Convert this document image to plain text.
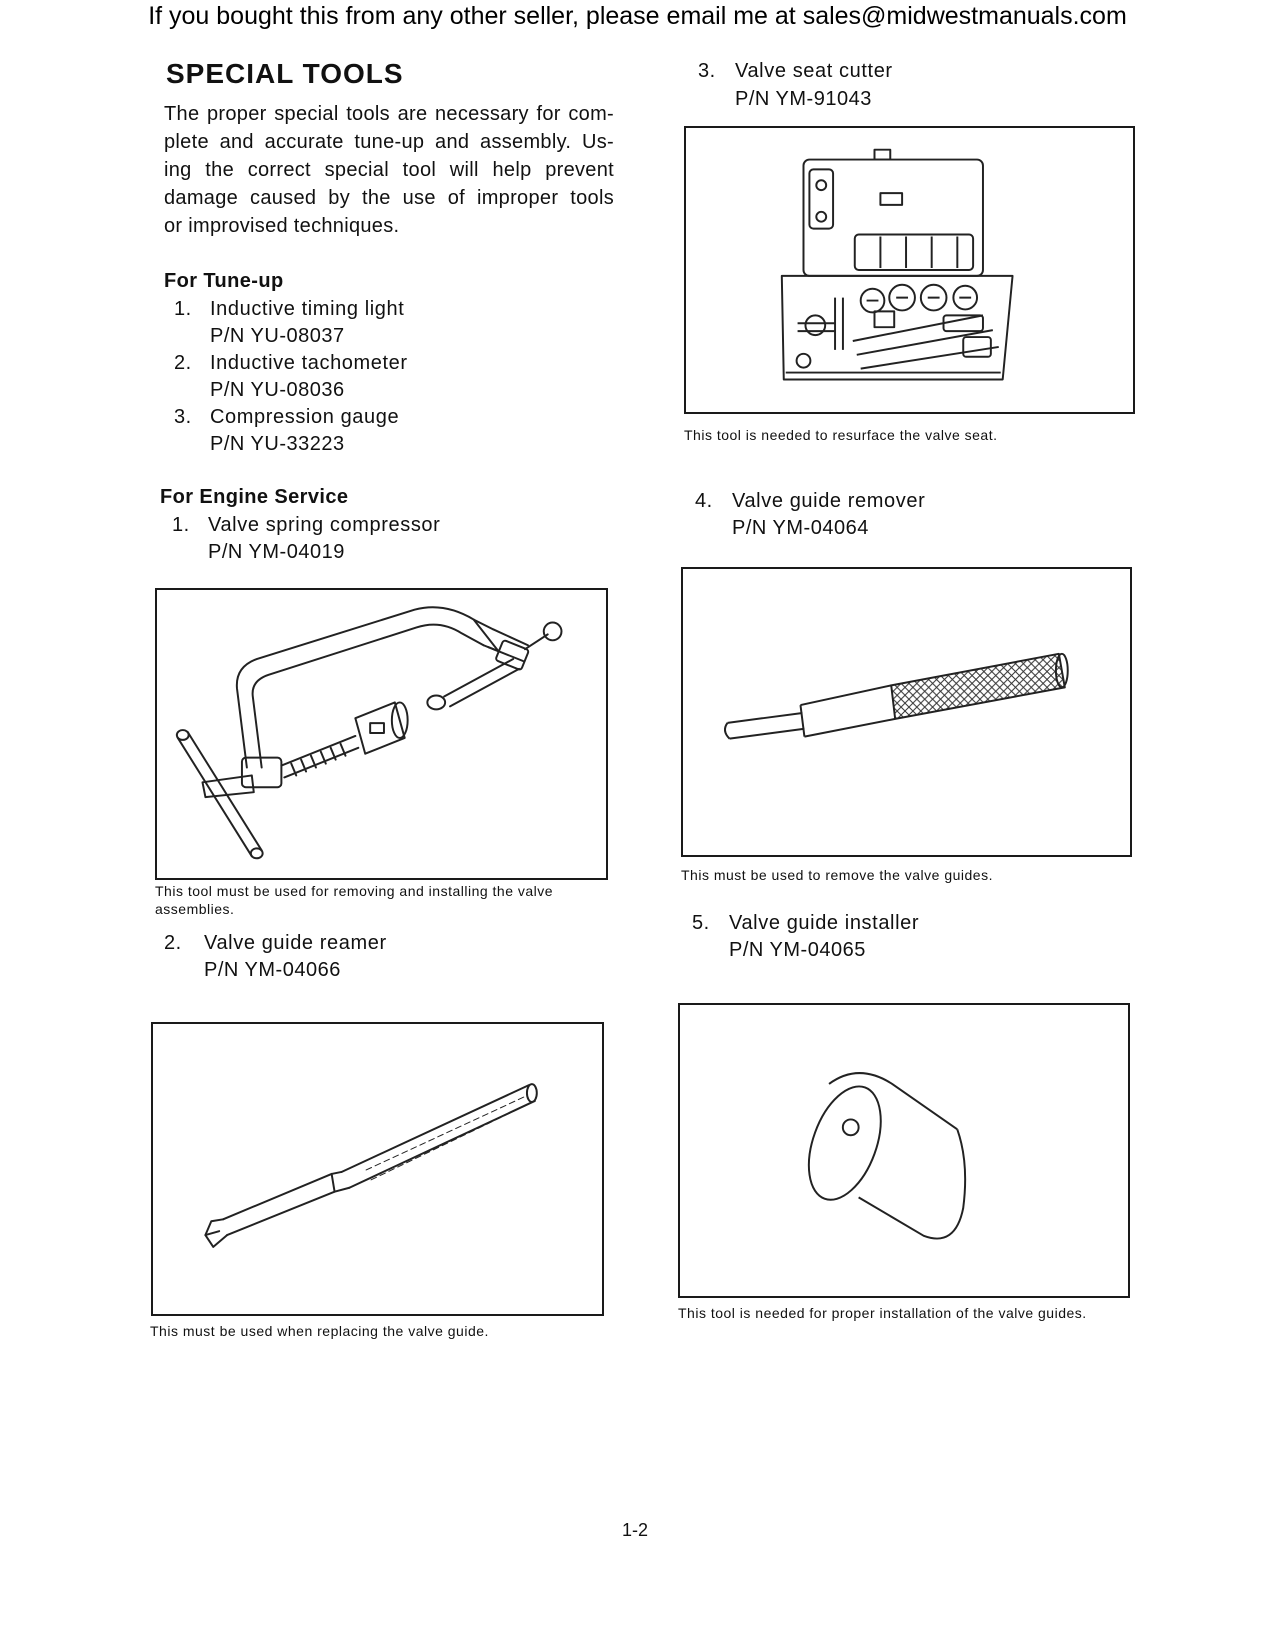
If you bought this from any other seller, please email me at sales@midwestmanuals.com
SPECIAL TOOLS
The proper special tools are necessary for com-
plete and accurate tune-up and assembly. Us-
ing the correct special tool will help prevent
damage caused by the use of improper tools
or improvised techniques.
For Tune-up
1. Inductive timing light
P/N YU-08037
2. Inductive tachometer
P/N YU-08036
3. Compression gauge
P/N YU-33223
For Engine Service
1. Valve spring compressor
P/N YM-04019
This tool must be used for removing and installing the valve assemblies.
2. Valve guide reamer
P/N YM-04066
This must be used when replacing the valve guide.
3. Valve seat cutter
P/N YM-91043
This tool is needed to resurface the valve seat.
4. Valve guide remover
P/N YM-04064
This must be used to remove the valve guides.
5. Valve guide installer
P/N YM-04065
This tool is needed for proper installation of the valve guides.
1-2
